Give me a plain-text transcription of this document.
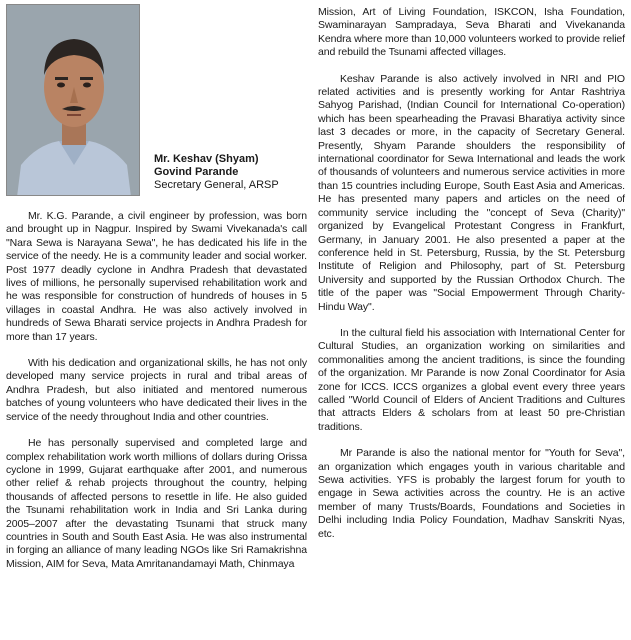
Mr. Keshav (Shyam)
Govind Parande
Secretary General, ARSP

Mr. K.G. Parande, a civil engineer by profession, was born and brought up in Nagpur. Inspired by Swami Vivekanada's call "Nara Sewa is Narayana Sewa", he has dedicated his life in the service of the needy. He is a community leader and social worker. Post 1977 deadly cyclone in Andhra Pradesh that devastated lives of millions, he personally supervised rehabilitation work and he was responsible for construction of hundreds of houses in 5 villages in coastal Andhra. He was also actively involved in hundreds of Sewa Bharati service projects in Andhra Pradesh for more than 17 years.

With his dedication and organizational skills, he has not only developed many service projects in rural and tribal areas of Andhra Pradesh, but also initiated and mentored numerous batches of young volunteers who have dedicated their lives in the service of the needy throughout India and other countries.

He has personally supervised and completed large and complex rehabilitation work worth millions of dollars during Orissa cyclone in 1999, Gujarat earthquake after 2001, and numerous other relief & rehab projects throughout the country, helping thousands of affected persons to resettle in life. He also guided the Tsunami rehabilitation work in India and Sri Lanka during 2005–2007 after the devastating Tsunami that struck many countries in South and South East Asia. He was also instrumental in forging an alliance of many leading NGOs like Sri Ramakrishna Mission, AIM for Seva, Mata Amritanandamayi Math, Chinmaya

Mission, Art of Living Foundation, ISKCON, Isha Foundation, Swaminarayan Sampradaya, Seva Bharati and Vivekananda Kendra where more than 10,000 volunteers worked to provide relief and rebuild the Tsunami affected villages.

Keshav Parande is also actively involved in NRI and PIO related activities and is presently working for Antar Rashtriya Sahyog Parishad, (Indian Council for International Co-operation) which has been spearheading the Pravasi Bharatiya activity since last 3 decades or more, in the capacity of Secretary General. Presently, Shyam Parande shoulders the responsibility of international coordinator for Sewa International and leads the work of thousands of volunteers and numerous service activities in more than 15 countries including Europe, South East Asia and Americas. He has presented many papers and articles on the need of community service including the "concept of Seva (Charity)" organized by Evangelical Protestant Congress in Frankfurt, Germany, in January 2001. He also presented a paper at the conference held in St. Petersburg, Russia, by the St. Petersburg Institute of Religion and Philosophy, part of St. Petersburg University and supported by the Russian Orthodox Church. The title of the paper was "Social Empowerment Through Charity- Hindu Way".

In the cultural field his association with International Center for Cultural Studies, an organization working on similarities and commonalities among the ancient traditions, is since the founding of the organization. Mr Parande is now Zonal Coordinator for Asia zone for ICCS. ICCS organizes a global event every three years called "World Council of Elders of Ancient Traditions and Cultures that attracts Elders & scholars from at least 50 pre-Christian traditions.

Mr Parande is also the national mentor for "Youth for Seva", an organization which engages youth in various charitable and Sewa activities. YFS is probably the largest forum for youth to engage in Sewa activities across the country. He is an active member of many Trusts/Boards, Foundations and Societies in Delhi including India Policy Foundation, Madhav Sanskriti Nyas, etc.
